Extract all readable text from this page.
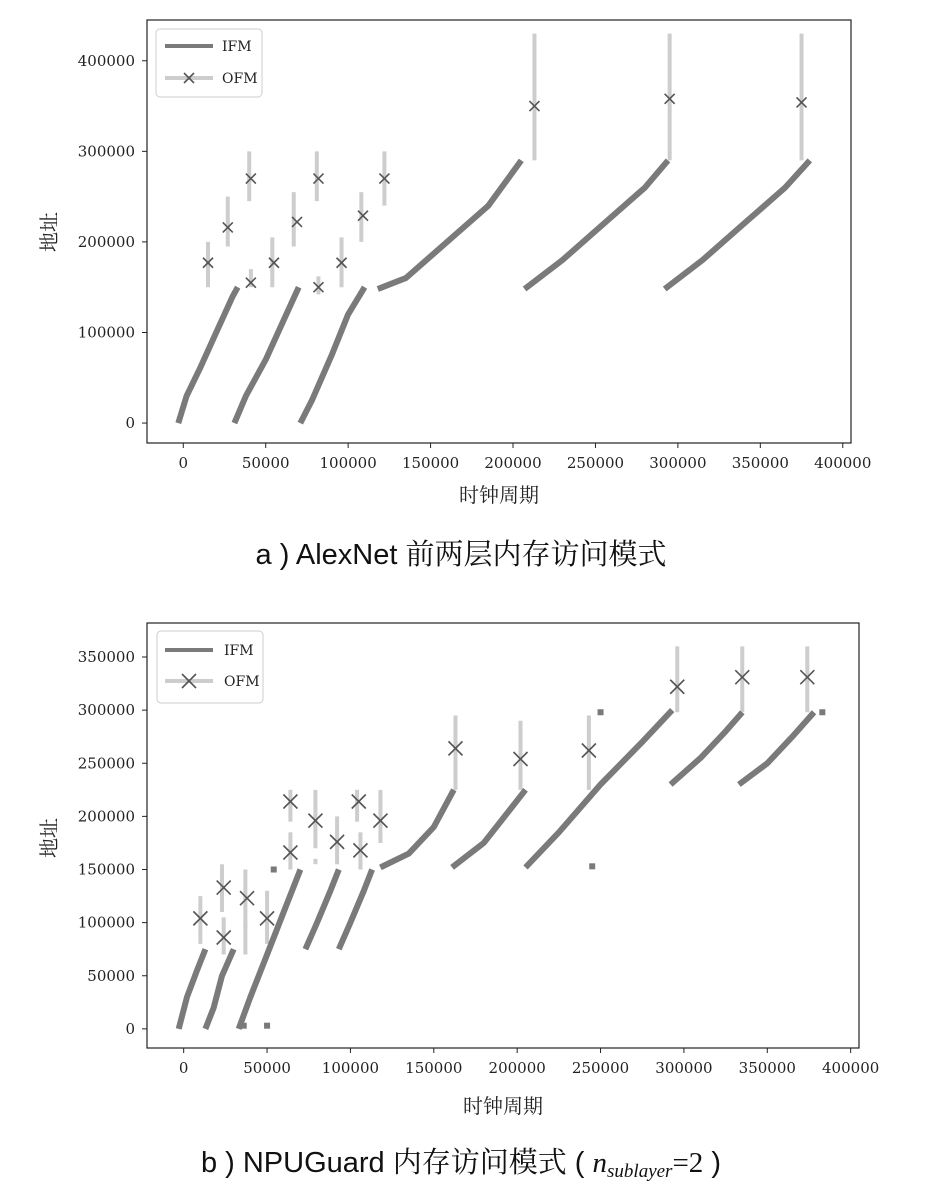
0	50000 100000 150000 200000 250000 300000 350000 400000
0
100000
200000
300000
400000
时钟周期
地址
IFM
OFM
a ) AlexNet 前两层内存访问模式
0	50000 100000 150000 200000 250000 300000 350000 400000
0
50000
100000
150000
200000
250000
300000
350000
时钟周期
地址
IFM
OFM
b ) NPUGuard 内存访问模式 ( nsublayer=2 )
